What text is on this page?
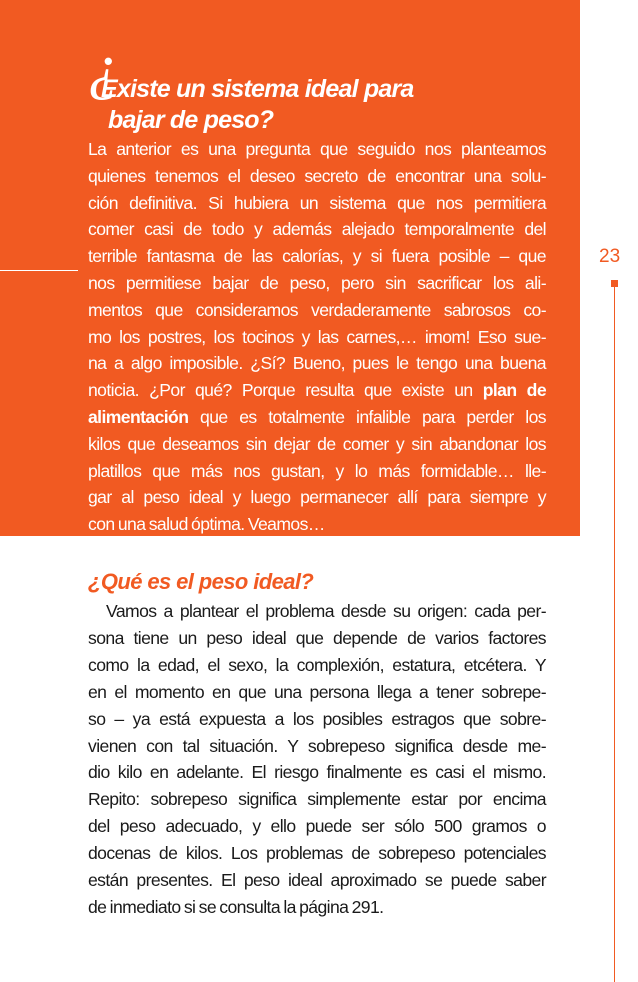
¿
Existe un sistema ideal para
bajar de peso?

La anterior es una pregunta que seguido nos planteamos
quienes tenemos el deseo secreto de encontrar una solu-
ción definitiva. Si hubiera un sistema que nos permitiera
comer casi de todo y además alejado temporalmente del
terrible fantasma de las calorías, y si fuera posible – que
nos permitiese bajar de peso, pero sin sacrificar los ali-
mentos que consideramos verdaderamente sabrosos co-
mo los postres, los tocinos y las carnes,… imom! Eso sue-
na a algo imposible. ¿Sí? Bueno, pues le tengo una buena
noticia. ¿Por qué? Porque resulta que existe un plan de
alimentación que es totalmente infalible para perder los
kilos que deseamos sin dejar de comer y sin abandonar los
platillos que más nos gustan, y lo más formidable… lle-
gar al peso ideal y luego permanecer allí para siempre y
con una salud óptima. Veamos…

¿Qué es el peso ideal?

Vamos a plantear el problema desde su origen: cada per-
sona tiene un peso ideal que depende de varios factores
como la edad, el sexo, la complexión, estatura, etcétera. Y
en el momento en que una persona llega a tener sobrepe-
so – ya está expuesta a los posibles estragos que sobre-
vienen con tal situación. Y sobrepeso significa desde me-
dio kilo en adelante. El riesgo finalmente es casi el mismo.
Repito: sobrepeso significa simplemente estar por encima
del peso adecuado, y ello puede ser sólo 500 gramos o
docenas de kilos. Los problemas de sobrepeso potenciales
están presentes. El peso ideal aproximado se puede saber
de inmediato si se consulta la página 291.

23
